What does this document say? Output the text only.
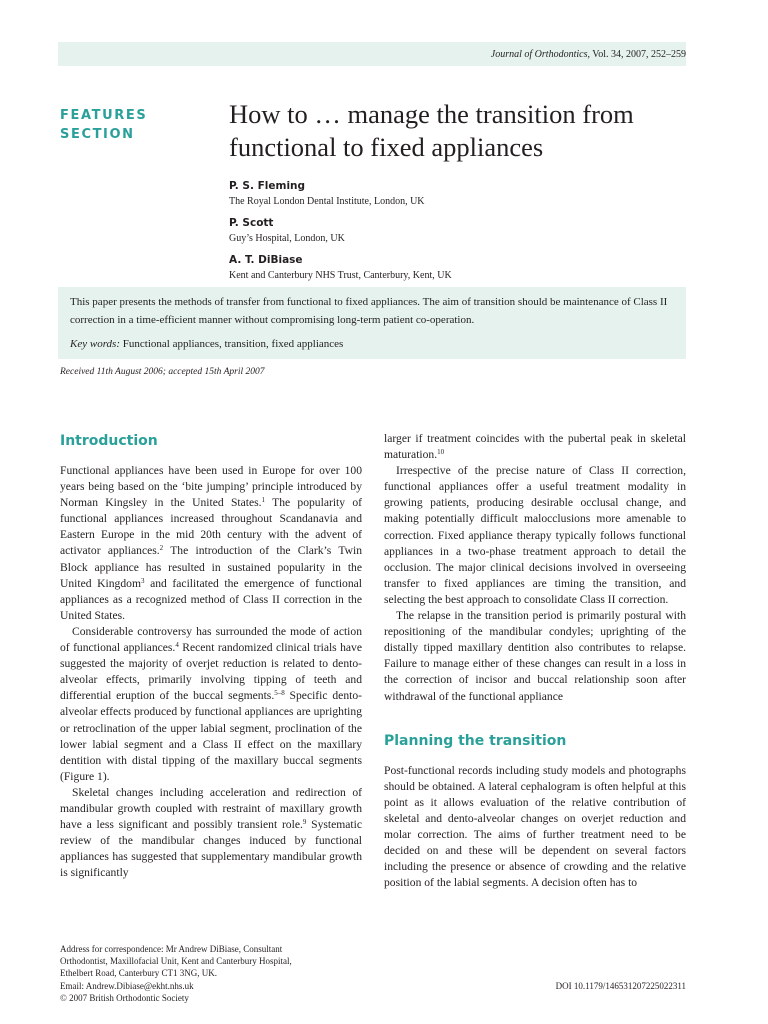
Journal of Orthodontics, Vol. 34, 2007, 252–259
FEATURES
SECTION
How to … manage the transition from functional to fixed appliances
P. S. Fleming
The Royal London Dental Institute, London, UK
P. Scott
Guy’s Hospital, London, UK
A. T. DiBiase
Kent and Canterbury NHS Trust, Canterbury, Kent, UK
This paper presents the methods of transfer from functional to fixed appliances. The aim of transition should be maintenance of Class II correction in a time-efficient manner without compromising long-term patient co-operation.
Key words: Functional appliances, transition, fixed appliances
Received 11th August 2006; accepted 15th April 2007
Introduction

Functional appliances have been used in Europe for over 100 years being based on the ‘bite jumping’ principle introduced by Norman Kingsley in the United States.$^1$ The popularity of functional appliances increased throughout Scandanavia and Eastern Europe in the mid 20th century with the advent of activator appliances.$^2$ The introduction of the Clark’s Twin Block appliance has resulted in sustained popularity in the United Kingdom$^3$ and facilitated the emergence of functional appliances as a recognized method of Class II correction in the United States.

Considerable controversy has surrounded the mode of action of functional appliances.$^4$ Recent randomized clinical trials have suggested the majority of overjet reduction is related to dento-alveolar effects, primarily involving tipping of teeth and differential eruption of the buccal segments.$^{5-8}$ Specific dento-alveolar effects produced by functional appliances are uprighting or retroclination of the upper labial segment, proclination of the lower labial segment and a Class II effect on the maxillary dentition with distal tipping of the maxillary buccal segments (Figure 1).

Skeletal changes including acceleration and redirection of mandibular growth coupled with restraint of maxillary growth have a less significant and possibly transient role.$^9$ Systematic review of the mandibular changes induced by functional appliances has suggested that supplementary mandibular growth is significantly

larger if treatment coincides with the pubertal peak in skeletal maturation.$^{10}$

Irrespective of the precise nature of Class II correction, functional appliances offer a useful treatment modality in growing patients, producing desirable occlusal change, and making potentially difficult malocclusions more amenable to correction. Fixed appliance therapy typically follows functional appliances in a two-phase treatment approach to detail the occlusion. The major clinical decisions involved in overseeing transfer to fixed appliances are timing the transition, and selecting the best approach to consolidate Class II correction.

The relapse in the transition period is primarily postural with repositioning of the mandibular condyles; uprighting of the distally tipped maxillary dentition also contributes to relapse. Failure to manage either of these changes can result in a loss in the correction of incisor and buccal relationship soon after withdrawal of the functional appliance

Planning the transition

Post-functional records including study models and photographs should be obtained. A lateral cephalogram is often helpful at this point as it allows evaluation of the relative contribution of skeletal and dento-alveolar changes on overjet reduction and molar correction. The aims of further treatment need to be decided on and these will be dependent on several factors including the presence or absence of crowding and the relative position of the labial segments. A decision often has to

Address for correspondence: Mr Andrew DiBiase, Consultant
Orthodontist, Maxillofacial Unit, Kent and Canterbury Hospital,
Ethelbert Road, Canterbury CT1 3NG, UK.
Email: Andrew.Dibiase@ekht.nhs.uk
© 2007 British Orthodontic Society
DOI 10.1179/146531207225022311
